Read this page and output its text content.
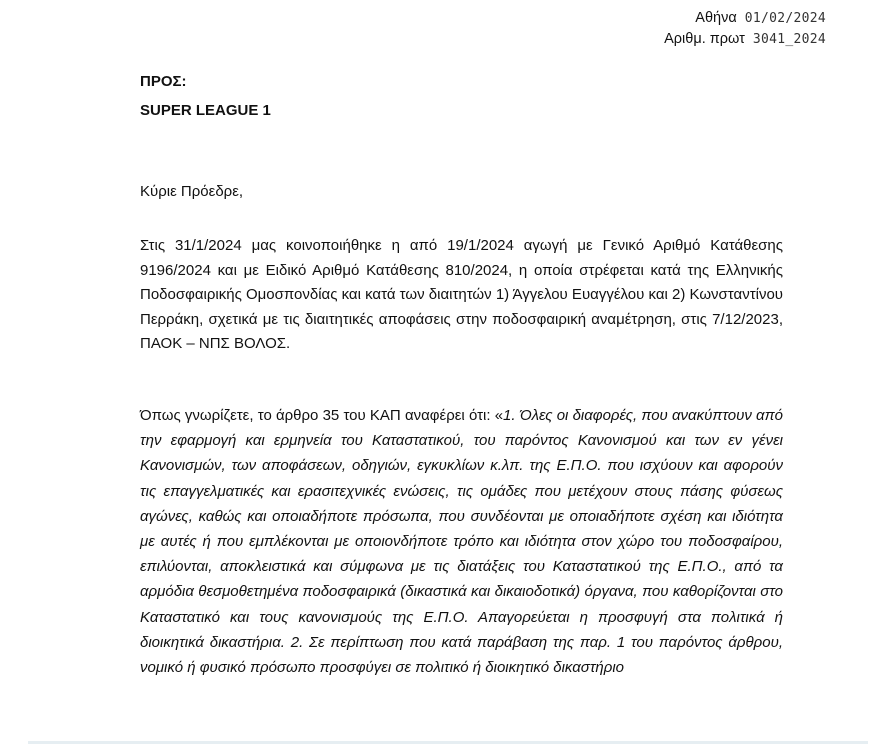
Αθήνα 01/02/2024
Αριθμ. πρωτ 3041_2024
ΠΡΟΣ:
SUPER LEAGUE 1
Κύριε Πρόεδρε,

Στις 31/1/2024 μας κοινοποιήθηκε η από 19/1/2024 αγωγή με Γενικό Αριθμό Κατάθεσης 9196/2024 και με Ειδικό Αριθμό Κατάθεσης 810/2024, η οποία στρέφεται κατά της Ελληνικής Ποδοσφαιρικής Ομοσπονδίας και κατά των διαιτητών 1) Άγγελου Ευαγγέλου και 2) Κωνσταντίνου Περράκη, σχετικά με τις διαιτητικές αποφάσεις στην ποδοσφαιρική αναμέτρηση, στις 7/12/2023, ΠΑΟΚ – ΝΠΣ ΒΟΛΟΣ.

Όπως γνωρίζετε, το άρθρο 35 του ΚΑΠ αναφέρει ότι: «1. Όλες οι διαφορές, που ανακύπτουν από την εφαρμογή και ερμηνεία του Καταστατικού, του παρόντος Κανονισμού και των εν γένει Κανονισμών, των αποφάσεων, οδηγιών, εγκυκλίων κ.λπ. της Ε.Π.Ο. που ισχύουν και αφορούν τις επαγγελματικές και ερασιτεχνικές ενώσεις, τις ομάδες που μετέχουν στους πάσης φύσεως αγώνες, καθώς και οποιαδήποτε πρόσωπα, που συνδέονται με οποιαδήποτε σχέση και ιδιότητα με αυτές ή που εμπλέκονται με οποιονδήποτε τρόπο και ιδιότητα στον χώρο του ποδοσφαίρου, επιλύονται, αποκλειστικά και σύμφωνα με τις διατάξεις του Καταστατικού της Ε.Π.Ο., από τα αρμόδια θεσμοθετημένα ποδοσφαιρικά (δικαστικά και δικαιοδοτικά) όργανα, που καθορίζονται στο Καταστατικό και τους κανονισμούς της Ε.Π.Ο. Απαγορεύεται η προσφυγή στα πολιτικά ή διοικητικά δικαστήρια. 2. Σε περίπτωση που κατά παράβαση της παρ. 1 του παρόντος άρθρου, νομικό ή φυσικό πρόσωπο προσφύγει σε πολιτικό ή διοικητικό δικαστήριο
